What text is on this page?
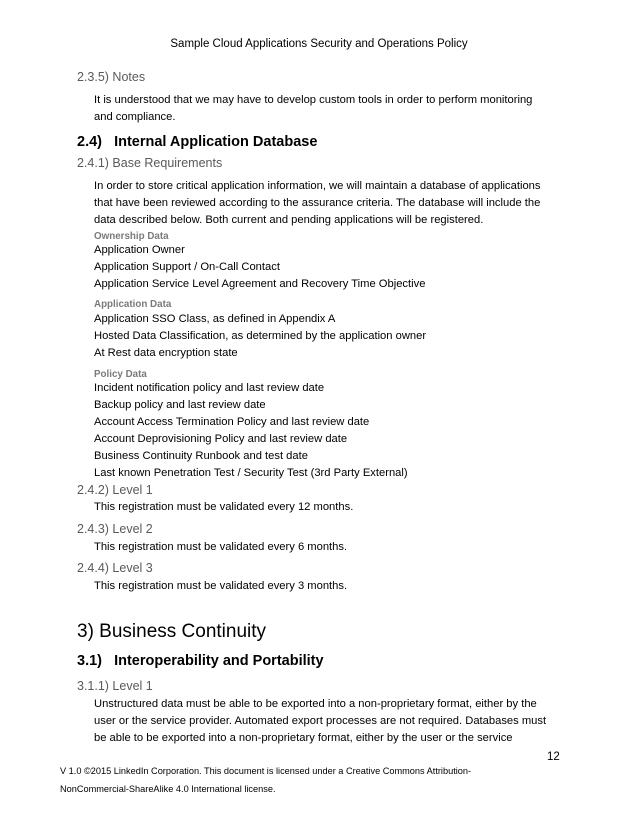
Sample Cloud Applications Security and Operations Policy
2.3.5) Notes
It is understood that we may have to develop custom tools in order to perform monitoring
and compliance.
2.4)   Internal Application Database
2.4.1) Base Requirements
In order to store critical application information, we will maintain a database of applications
that have been reviewed according to the assurance criteria. The database will include the
data described below. Both current and pending applications will be registered.
Ownership Data
Application Owner
Application Support / On-Call Contact
Application Service Level Agreement and Recovery Time Objective
Application Data
Application SSO Class, as defined in Appendix A
Hosted Data Classification, as determined by the application owner
At Rest data encryption state
Policy Data
Incident notification policy and last review date
Backup policy and last review date
Account Access Termination Policy and last review date
Account Deprovisioning Policy and last review date
Business Continuity Runbook and test date
Last known Penetration Test / Security Test (3rd Party External)
2.4.2) Level 1
This registration must be validated every 12 months.
2.4.3) Level 2
This registration must be validated every 6 months.
2.4.4) Level 3
This registration must be validated every 3 months.
3) Business Continuity
3.1)   Interoperability and Portability
3.1.1) Level 1
Unstructured data must be able to be exported into a non-proprietary format, either by the
user or the service provider. Automated export processes are not required. Databases must
be able to be exported into a non-proprietary format, either by the user or the service
12
V 1.0 ©2015 LinkedIn Corporation. This document is licensed under a Creative Commons Attribution-
NonCommercial-ShareAlike 4.0 International license.
